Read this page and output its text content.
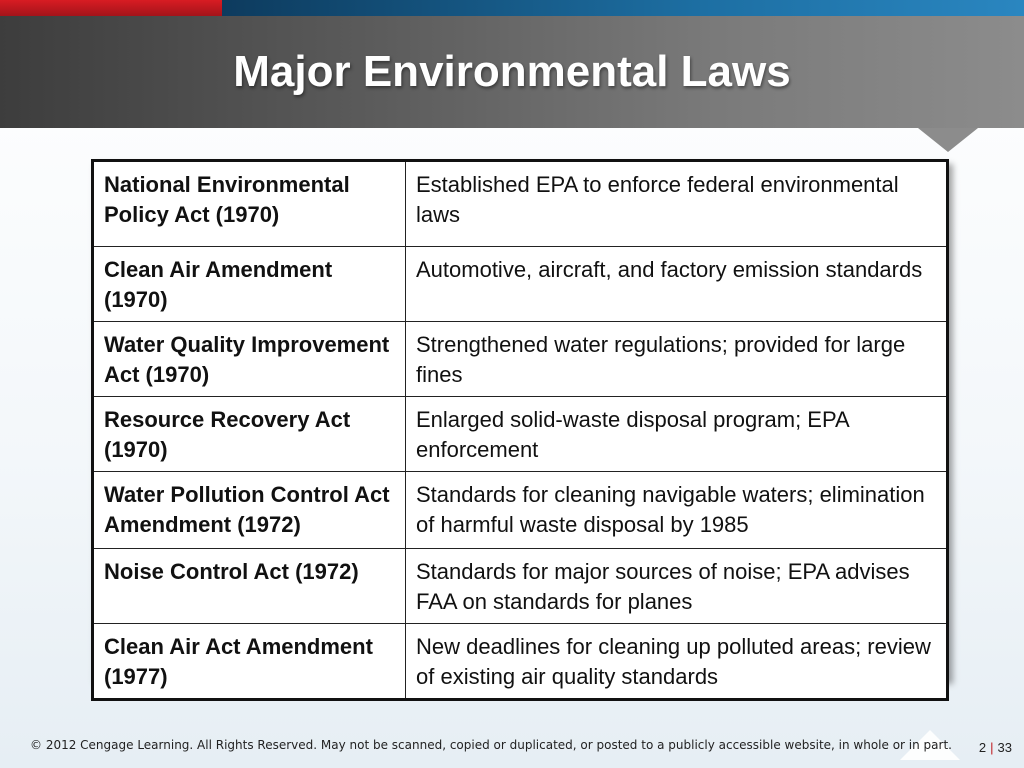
Major Environmental Laws
National Environmental Policy Act (1970)	Established EPA to enforce federal environmental laws
Clean Air Amendment (1970)	Automotive, aircraft, and factory emission standards
Water Quality Improvement Act (1970)	Strengthened water regulations; provided for large fines
Resource Recovery Act (1970)	Enlarged solid-waste disposal program; EPA enforcement
Water Pollution Control Act Amendment (1972)	Standards for cleaning navigable waters; elimination of harmful waste disposal by 1985
Noise Control Act (1972)	Standards for major sources of noise; EPA advises FAA on standards for planes
Clean Air Act Amendment (1977)	New deadlines for cleaning up polluted areas; review of existing air quality standards
© 2012 Cengage Learning. All Rights Reserved. May not be scanned, copied or duplicated, or posted to a publicly accessible website, in whole or in part. 2 | 33
